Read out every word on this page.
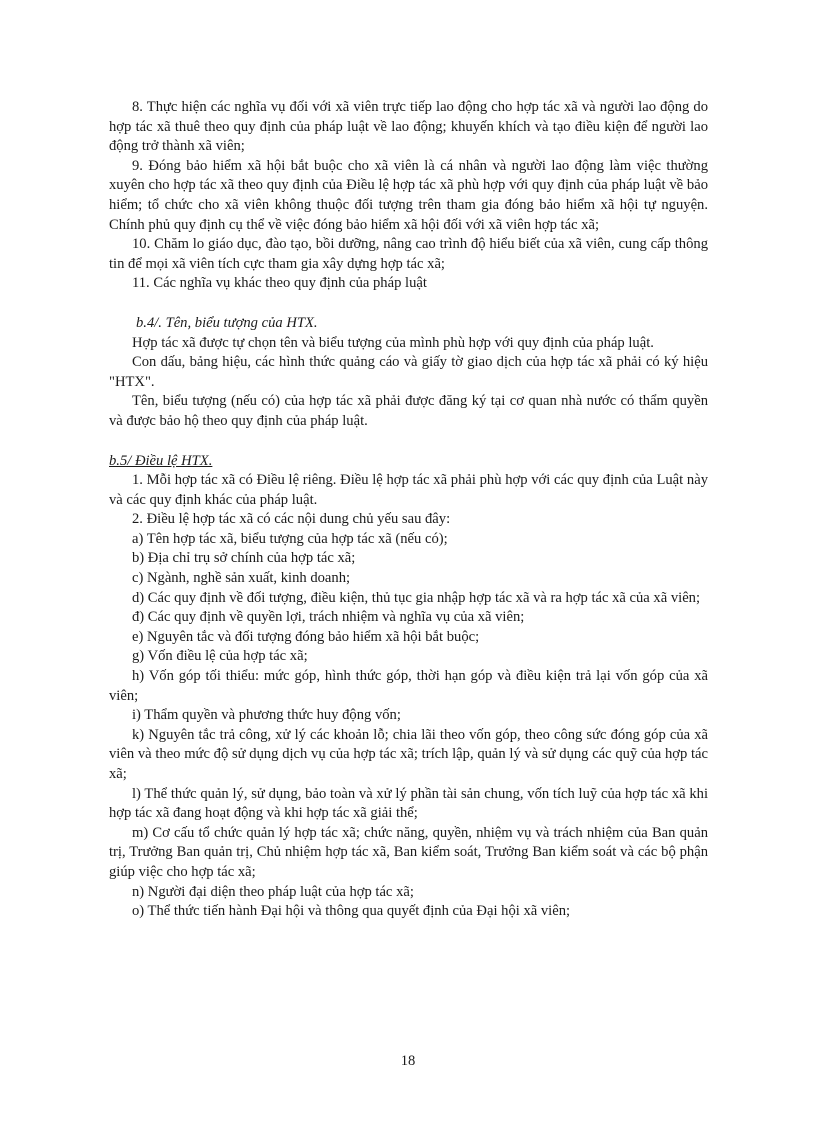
8. Thực hiện các nghĩa vụ đối với xã viên trực tiếp lao động cho hợp tác xã và người lao động do hợp tác xã thuê theo quy định của pháp luật về lao động; khuyến khích và tạo điều kiện để người lao động trở thành xã viên;

9. Đóng bảo hiểm xã hội bắt buộc cho xã viên là cá nhân và người lao động làm việc thường xuyên cho hợp tác xã theo quy định của Điều lệ hợp tác xã phù hợp với quy định của pháp luật về bảo hiểm; tổ chức cho xã viên không thuộc đối tượng trên tham gia đóng bảo hiểm xã hội tự nguyện. Chính phủ quy định cụ thể về việc đóng bảo hiểm xã hội đối với xã viên hợp tác xã;

10. Chăm lo giáo dục, đào tạo, bồi dưỡng, nâng cao trình độ hiểu biết của xã viên, cung cấp thông tin để mọi xã viên tích cực tham gia xây dựng hợp tác xã;

11. Các nghĩa vụ khác theo quy định của pháp luật

b.4/. Tên, biểu tượng của HTX.

Hợp tác xã được tự chọn tên và biểu tượng của mình phù hợp với quy định của pháp luật.

Con dấu, bảng hiệu, các hình thức quảng cáo và giấy tờ giao dịch của hợp tác xã phải có ký hiệu "HTX".

Tên, biểu tượng (nếu có) của hợp tác xã phải được đăng ký tại cơ quan nhà nước có thẩm quyền và được bảo hộ theo quy định của pháp luật.

b.5/ Điều lệ HTX.

1. Mỗi hợp tác xã có Điều lệ riêng. Điều lệ hợp tác xã phải phù hợp với các quy định của Luật này và các quy định khác của pháp luật.

2. Điều lệ hợp tác xã có các nội dung chủ yếu sau đây:

a) Tên hợp tác xã, biểu tượng của hợp tác xã (nếu có);

b) Địa chỉ trụ sở chính của hợp tác xã;

c) Ngành, nghề sản xuất, kinh doanh;

d) Các quy định về đối tượng, điều kiện, thủ tục gia nhập hợp tác xã và ra hợp tác xã của xã viên;

đ) Các quy định về quyền lợi, trách nhiệm và nghĩa vụ của xã viên;

e) Nguyên tắc và đối tượng đóng bảo hiểm xã hội bắt buộc;

g) Vốn điều lệ của hợp tác xã;

h) Vốn góp tối thiểu: mức góp, hình thức góp, thời hạn góp và điều kiện trả lại vốn góp của xã viên;

i) Thẩm quyền và phương thức huy động vốn;

k) Nguyên tắc trả công, xử lý các khoản lỗ; chia lãi theo vốn góp, theo công sức đóng góp của xã viên và theo mức độ sử dụng dịch vụ của hợp tác xã; trích lập, quản lý và sử dụng các quỹ của hợp tác xã;

l) Thể thức quản lý, sử dụng, bảo toàn và xử lý phần tài sản chung, vốn tích luỹ của hợp tác xã khi hợp tác xã đang hoạt động và khi hợp tác xã giải thể;

m) Cơ cấu tổ chức quản lý hợp tác xã; chức năng, quyền, nhiệm vụ và trách nhiệm của Ban quản trị, Trưởng Ban quản trị, Chủ nhiệm hợp tác xã, Ban kiểm soát, Trưởng Ban kiểm soát và các bộ phận giúp việc cho hợp tác xã;

n) Người đại diện theo pháp luật của hợp tác xã;

o) Thể thức tiến hành Đại hội và thông qua quyết định của Đại hội xã viên;

18
